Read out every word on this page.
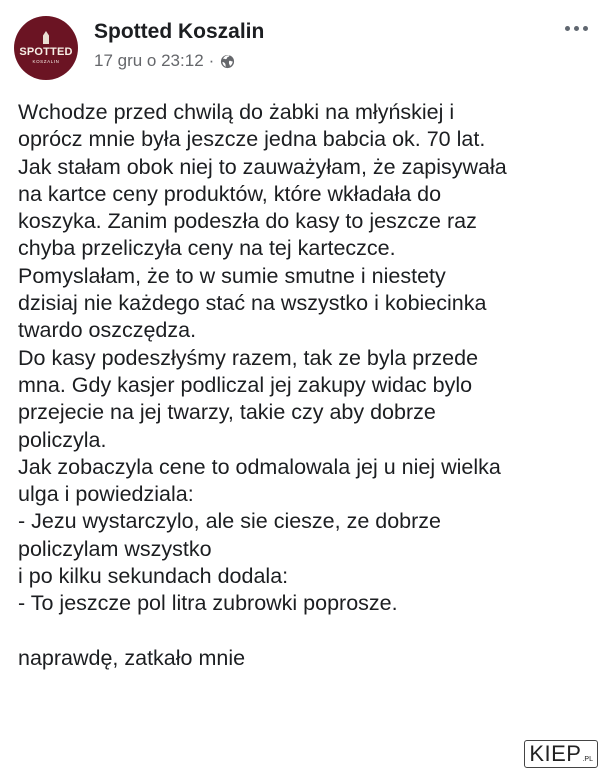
SPOTTED
KOSZALIN
Spotted Koszalin
17 gru o 23:12 ·

Wchodze przed chwilą do żabki na młyńskiej i

oprócz mnie była jeszcze jedna babcia ok. 70 lat.

Jak stałam obok niej to zauważyłam, że zapisywała

na kartce ceny produktów, które wkładała do

koszyka. Zanim podeszła do kasy to jeszcze raz

chyba przeliczyła ceny na tej karteczce.

Pomyslałam, że to w sumie smutne i niestety

dzisiaj nie każdego stać na wszystko i kobiecinka

twardo oszczędza.

Do kasy podeszłyśmy razem, tak ze byla przede

mna. Gdy kasjer podliczal jej zakupy widac bylo

przejecie na jej twarzy, takie czy aby dobrze

policzyla.

Jak zobaczyla cene to odmalowala jej u niej wielka

ulga i powiedziala:

- Jezu wystarczylo, ale sie ciesze, ze dobrze

policzylam wszystko

i po kilku sekundach dodala:

- To jeszcze pol litra zubrowki poprosze.

naprawdę, zatkało mnie

KIEP .PL
